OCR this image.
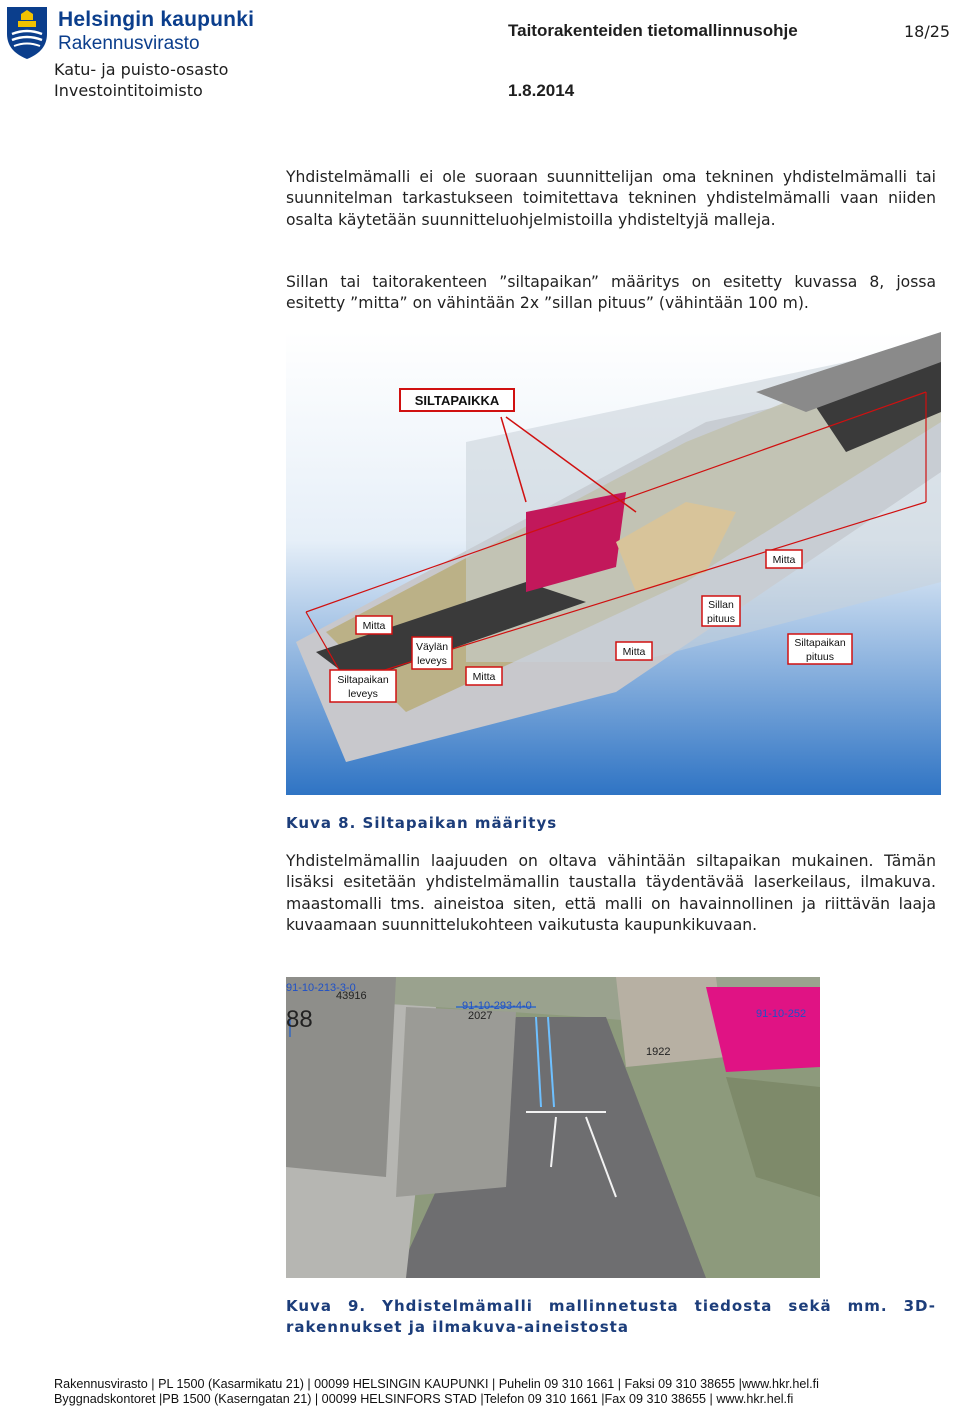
Helsingin kaupunki
Rakennusvirasto
Taitorakenteiden tietomallinnusohje	18/25
Katu- ja puisto-osasto
Investointitoimisto	1.8.2014
Yhdistelmämalli ei ole suoraan suunnittelijan oma tekninen yhdistelmämalli tai suunnitelman tarkastukseen toimitettava tekninen yhdistelmämalli vaan niiden osalta käytetään suunnitteluohjelmistoilla yhdisteltyjä malleja.
Sillan tai taitorakenteen ”siltapaikan” määritys on esitetty kuvassa 8, jossa esitetty ”mitta” on vähintään 2x ”sillan pituus” (vähintään 100 m).
SILTAPAIKKA
Mitta
Sillan
pituus
Siltapaikan
pituus
Mitta
Väylän
leveys
Mitta
Siltapaikan
leveys
Mitta
Kuva 8. Siltapaikan määritys
Yhdistelmämallin laajuuden on oltava vähintään siltapaikan mukainen. Tämän lisäksi esitetään yhdistelmämallin taustalla täydentävää laserkeilaus, ilmakuva. maastomalli tms. aineistoa siten, että malli on havainnollinen ja riittävän laaja kuvaamaan suunnittelukohteen vaikutusta kaupunkikuvaan.
91-10-213-3-0
43916
88	91-10-293-4-0
2027	91-10-252
1922
Kuva 9. Yhdistelmämalli mallinnetusta tiedosta sekä mm. 3D-rakennukset ja ilmakuva-aineistosta
Rakennusvirasto | PL 1500 (Kasarmikatu 21) | 00099 HELSINGIN KAUPUNKI | Puhelin 09 310 1661 | Faksi 09 310 38655 |www.hkr.hel.fi
Byggnadskontoret |PB 1500 (Kaserngatan 21) | 00099 HELSINFORS STAD |Telefon 09 310 1661 |Fax 09 310 38655 | www.hkr.hel.fi
